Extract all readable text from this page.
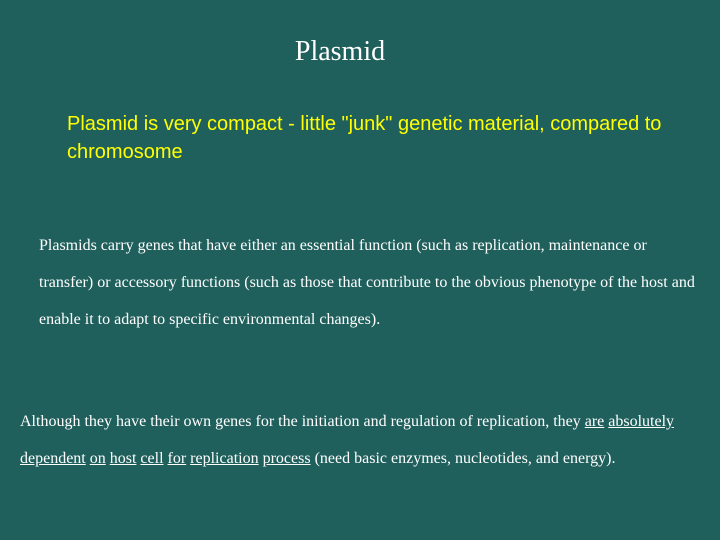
Plasmid
Plasmid is very compact - little "junk" genetic material, compared to chromosome
Plasmids carry genes that have either an essential function (such as replication, maintenance or transfer) or accessory functions (such as those that contribute to the obvious phenotype of the host and enable it to adapt to specific environmental changes).
Although they have their own genes for the initiation and regulation of replication, they are absolutely dependent on host cell for replication process (need basic enzymes, nucleotides, and energy).
